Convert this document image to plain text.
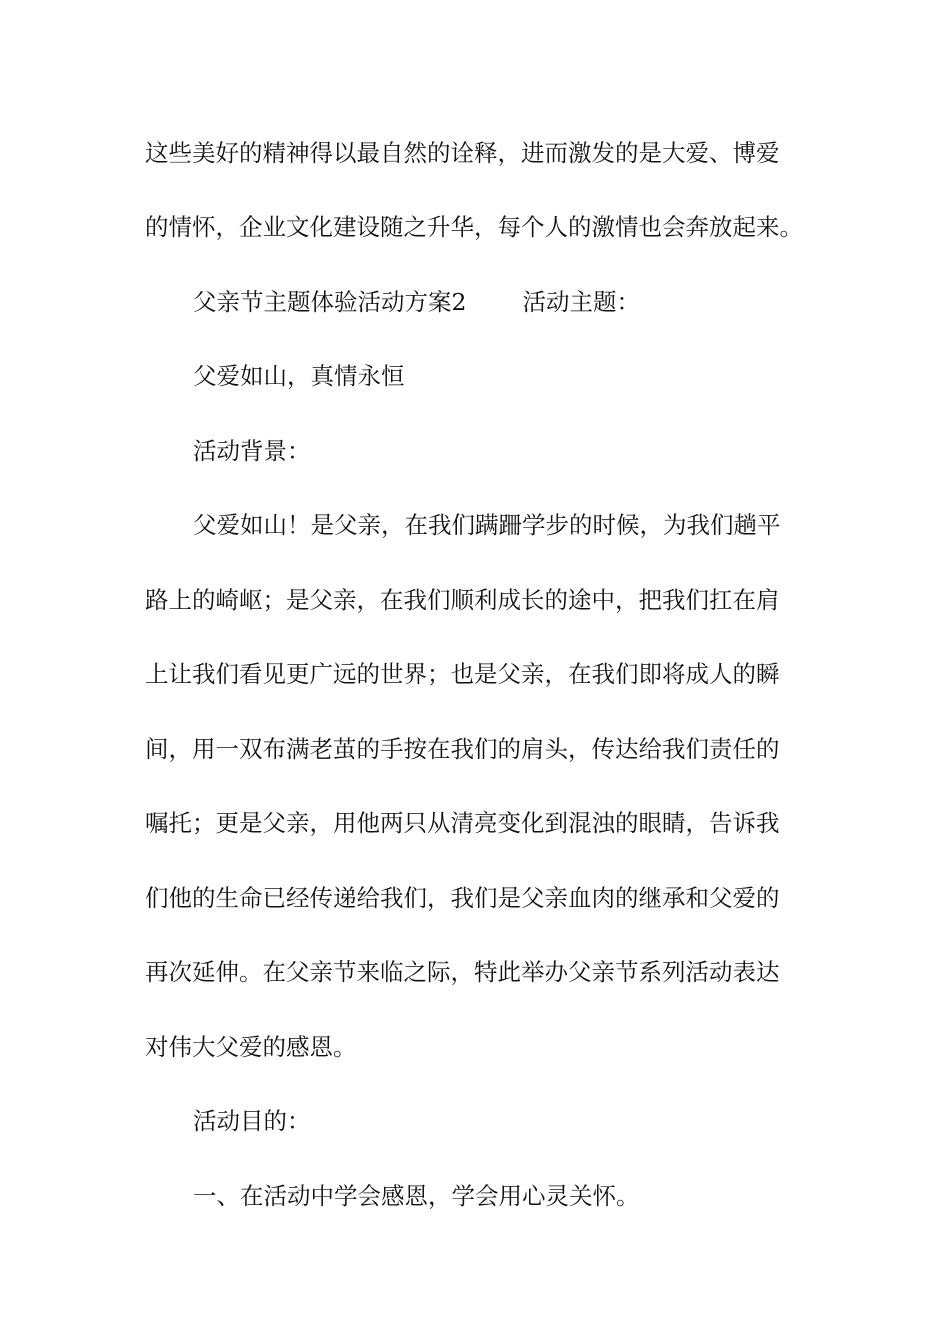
这些美好的精神得以最自然的诠释，进而激发的是大爱、博爱
的情怀，企业文化建设随之升华，每个人的激情也会奔放起来。
父亲节主题体验活动方案2 活动主题：
父爱如山，真情永恒
活动背景：
父爱如山！是父亲，在我们蹒跚学步的时候，为我们趟平
路上的崎岖；是父亲，在我们顺利成长的途中，把我们扛在肩
上让我们看见更广远的世界；也是父亲，在我们即将成人的瞬
间，用一双布满老茧的手按在我们的肩头，传达给我们责任的
嘱托；更是父亲，用他两只从清亮变化到混浊的眼睛，告诉我
们他的生命已经传递给我们，我们是父亲血肉的继承和父爱的
再次延伸。在父亲节来临之际，特此举办父亲节系列活动表达
对伟大父爱的感恩。
活动目的：
一、在活动中学会感恩，学会用心灵关怀。
